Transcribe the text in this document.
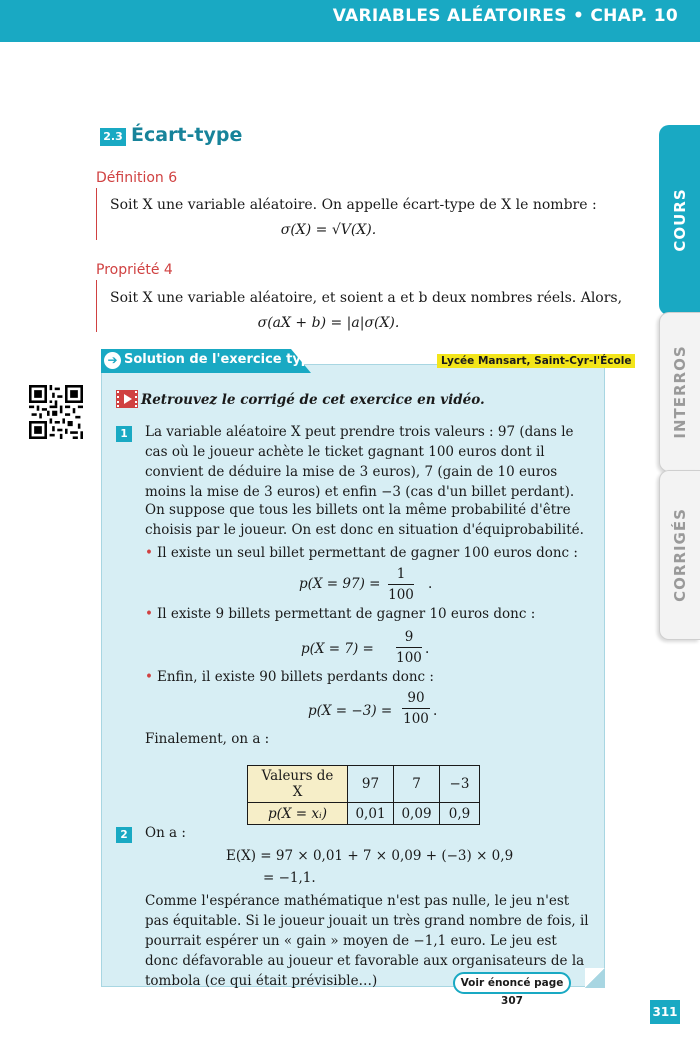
VARIABLES ALÉATOIRES • CHAP. 10
COURS
INTERROS
CORRIGÉS
2.3 Écart-type
Définition 6
Soit X une variable aléatoire. On appelle écart-type de X le nombre :
σ(X) = √V(X).
Propriété 4
Soit X une variable aléatoire, et soient a et b deux nombres réels. Alors,
σ(aX + b) = |a|σ(X).
➔ Solution de l'exercice type	Lycée Mansart, Saint-Cyr-l'École
Retrouvez le corrigé de cet exercice en vidéo.
1	La variable aléatoire X peut prendre trois valeurs : 97 (dans le cas où le joueur achète le ticket gagnant 100 euros dont il convient de déduire la mise de 3 euros), 7 (gain de 10 euros moins la mise de 3 euros) et enfin −3 (cas d'un billet perdant).
On suppose que tous les billets ont la même probabilité d'être choisis par le joueur. On est donc en situation d'équiprobabilité.
• Il existe un seul billet permettant de gagner 100 euros donc :
p(X = 97) =
1
100
.
• Il existe 9 billets permettant de gagner 10 euros donc :
p(X = 7) =
9
100
.
• Enfin, il existe 90 billets perdants donc :
p(X = −3) =
90
100 .
Finalement, on a :
Valeurs de X	97	7	−3
p(X = xᵢ)	0,01	0,09	0,9
2	On a :
E(X) = 97 × 0,01 + 7 × 0,09 + (−3) × 0,9
= −1,1.
Comme l'espérance mathématique n'est pas nulle, le jeu n'est pas équitable. Si le joueur jouait un très grand nombre de fois, il pourrait espérer un « gain » moyen de −1,1 euro. Le jeu est donc défavorable au joueur et favorable aux organisateurs de la tombola (ce qui était prévisible…)	Voir énoncé page 307
311
